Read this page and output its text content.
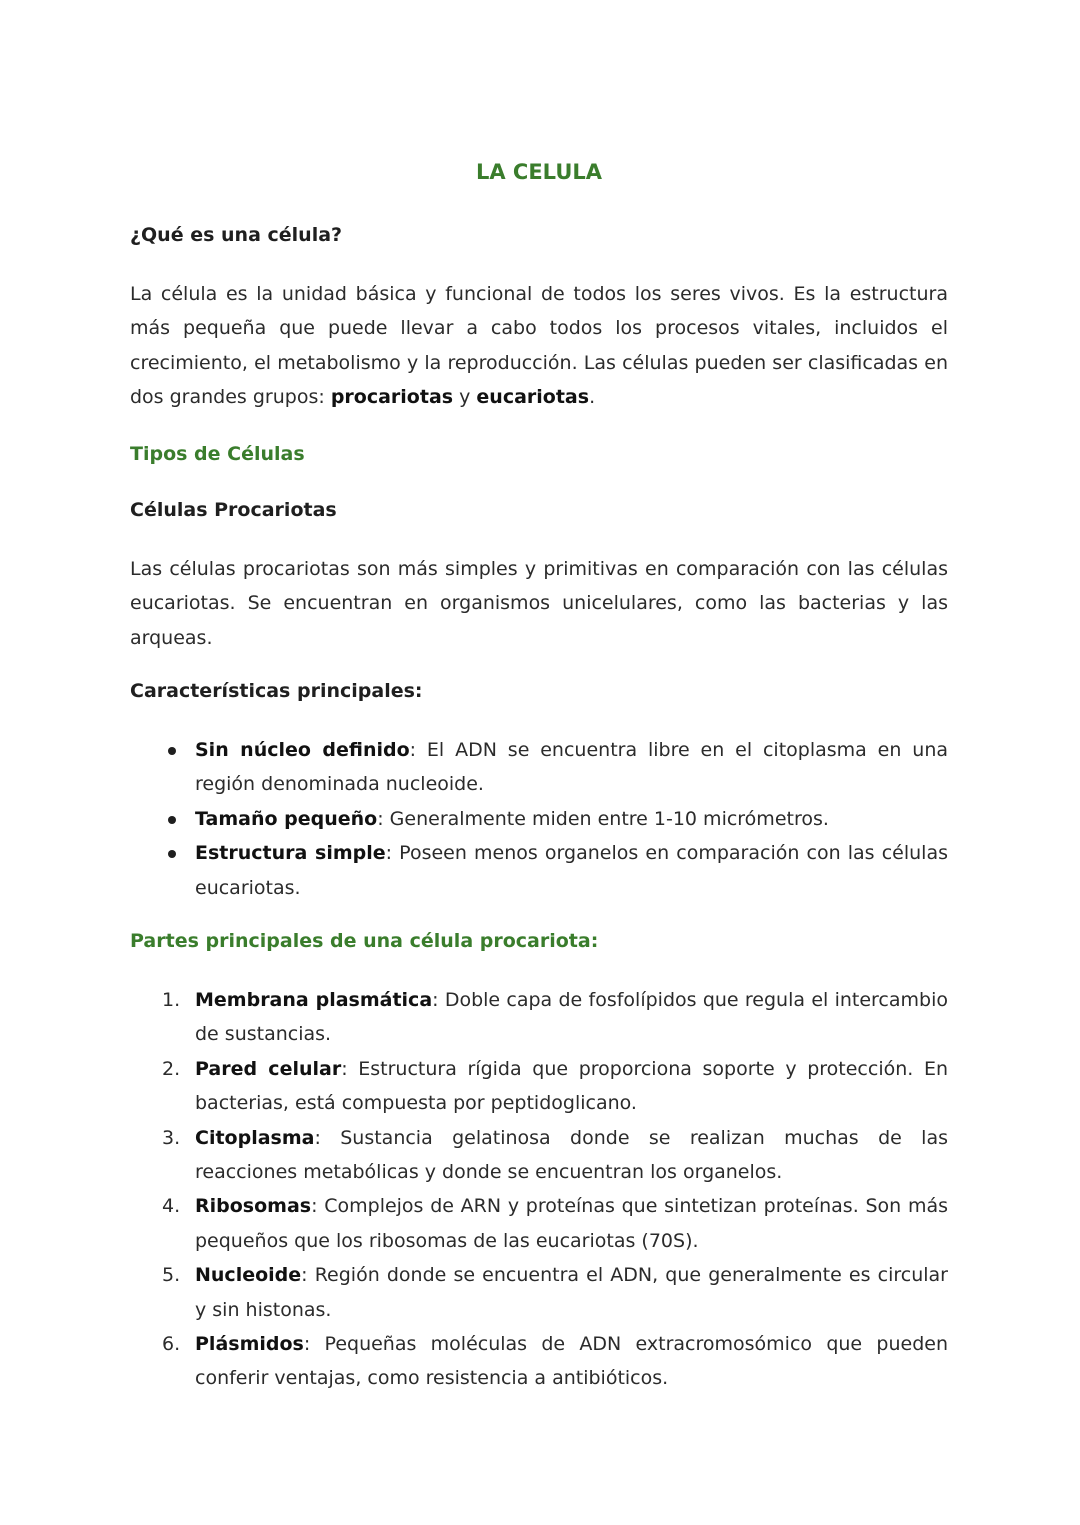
LA CELULA
¿Qué es una célula?

La célula es la unidad básica y funcional de todos los seres vivos. Es la estructura más pequeña que puede llevar a cabo todos los procesos vitales, incluidos el crecimiento, el metabolismo y la reproducción. Las células pueden ser clasificadas en dos grandes grupos: procariotas y eucariotas.

Tipos de Células
Células Procariotas

Las células procariotas son más simples y primitivas en comparación con las células eucariotas. Se encuentran en organismos unicelulares, como las bacterias y las arqueas.

Características principales:
Sin núcleo definido: El ADN se encuentra libre en el citoplasma en una región denominada nucleoide.
Tamaño pequeño: Generalmente miden entre 1-10 micrómetros.
Estructura simple: Poseen menos organelos en comparación con las células eucariotas.
Partes principales de una célula procariota:
1. Membrana plasmática: Doble capa de fosfolípidos que regula el intercambio de sustancias.
2. Pared celular: Estructura rígida que proporciona soporte y protección. En bacterias, está compuesta por peptidoglicano.
3. Citoplasma: Sustancia gelatinosa donde se realizan muchas de las reacciones metabólicas y donde se encuentran los organelos.
4. Ribosomas: Complejos de ARN y proteínas que sintetizan proteínas. Son más pequeños que los ribosomas de las eucariotas (70S).
5. Nucleoide: Región donde se encuentra el ADN, que generalmente es circular y sin histonas.
6. Plásmidos: Pequeñas moléculas de ADN extracromosómico que pueden conferir ventajas, como resistencia a antibióticos.
